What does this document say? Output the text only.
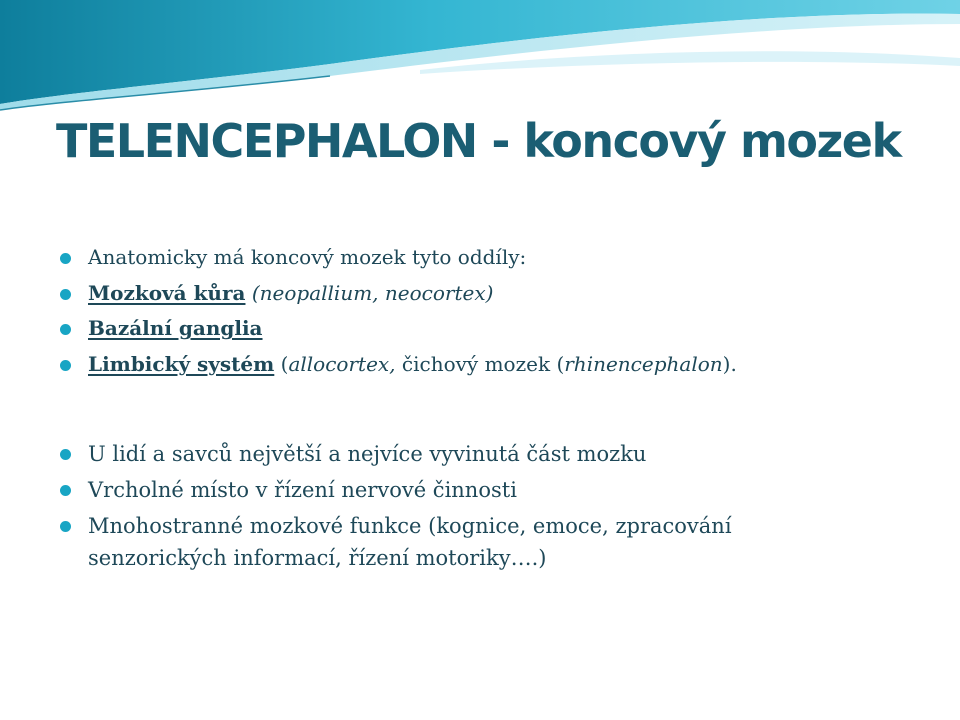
TELENCEPHALON - koncový mozek
Anatomicky má koncový mozek tyto oddíly:
Mozková kůra (neopallium, neocortex)
Bazální ganglia
Limbický systém (allocortex, čichový mozek (rhinencephalon).
U lidí a savců největší a nejvíce vyvinutá část mozku
Vrcholné místo v řízení nervové činnosti
Mnohostranné mozkové funkce (kognice, emoce, zpracování senzorických informací, řízení motoriky….)
